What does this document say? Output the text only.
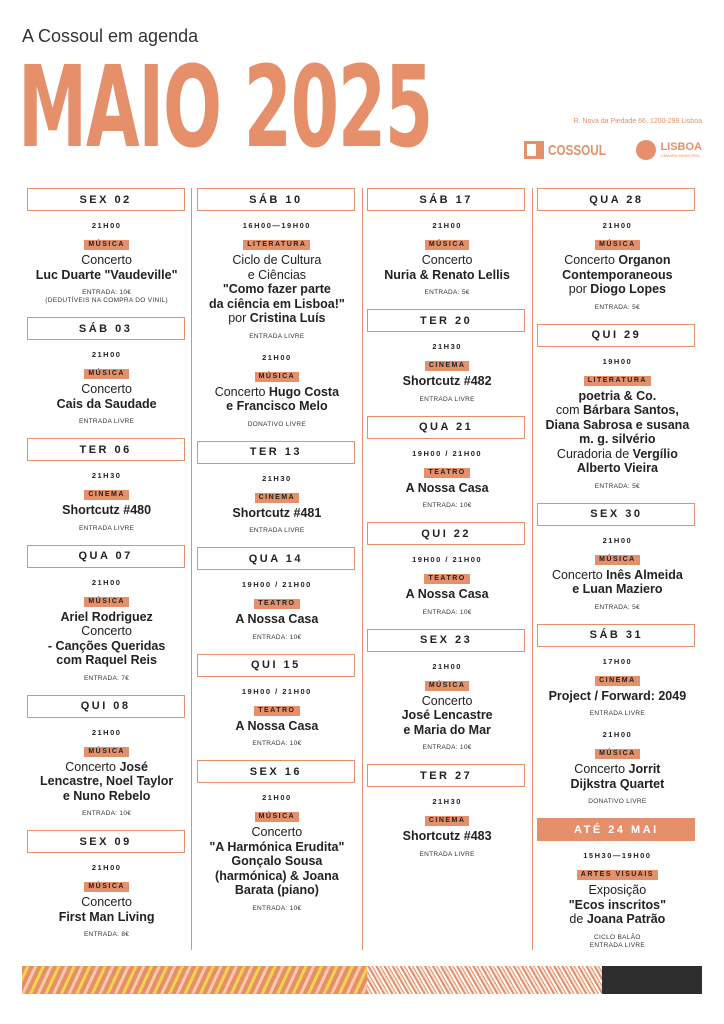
A Cossoul em agenda
MAIO 2025	R. Nova da Piedade 66, 1200-299 Lisboa
COSSOUL	LISBOA
CÂMARA MUNICIPAL
SEX 02
21H00
MÚSICA
Concerto
Luc Duarte "Vaudeville"
ENTRADA: 10€
(DEDUTÍVEIS NA COMPRA DO VINIL)
SÁB 03
21H00
MÚSICA
Concerto
Cais da Saudade
ENTRADA LIVRE
TER 06
21H30
CINEMA
Shortcutz #480
ENTRADA LIVRE
QUA 07
21H00
MÚSICA
Ariel Rodriguez
Concerto
- Canções Queridas
com Raquel Reis
ENTRADA: 7€
QUI 08
21H00
MÚSICA
Concerto José
Lencastre, Noel Taylor
e Nuno Rebelo
ENTRADA: 10€
SEX 09
21H00
MÚSICA
Concerto
First Man Living
ENTRADA: 8€
SÁB 10
16H00—19H00
LITERATURA
Ciclo de Cultura
e Ciências
"Como fazer parte
da ciência em Lisboa!"
por Cristina Luís
ENTRADA LIVRE
21H00
MÚSICA
Concerto Hugo Costa
e Francisco Melo
DONATIVO LIVRE
TER 13
21H30
CINEMA
Shortcutz #481
ENTRADA LIVRE
QUA 14
19H00 / 21H00
TEATRO
A Nossa Casa
ENTRADA: 10€
QUI 15
19H00 / 21H00
TEATRO
A Nossa Casa
ENTRADA: 10€
SEX 16
21H00
MÚSICA
Concerto
"A Harmónica Erudita"
Gonçalo Sousa
(harmónica) & Joana
Barata (piano)
ENTRADA: 10€
SÁB 17
21H00
MÚSICA
Concerto
Nuria & Renato Lellis
ENTRADA: 5€
TER 20
21H30
CINEMA
Shortcutz #482
ENTRADA LIVRE
QUA 21
19H00 / 21H00
TEATRO
A Nossa Casa
ENTRADA: 10€
QUI 22
19H00 / 21H00
TEATRO
A Nossa Casa
ENTRADA: 10€
SEX 23
21H00
MÚSICA
Concerto
José Lencastre
e Maria do Mar
ENTRADA: 10€
TER 27
21H30
CINEMA
Shortcutz #483
ENTRADA LIVRE
QUA 28
21H00
MÚSICA
Concerto Organon
Contemporaneous
por Diogo Lopes
ENTRADA: 5€
QUI 29
19H00
LITERATURA
poetria & Co.
com Bárbara Santos,
Diana Sabrosa e susana
m. g. silvério
Curadoria de Vergílio
Alberto Vieira
ENTRADA: 5€
SEX 30
21H00
MÚSICA
Concerto Inês Almeida
e Luan Maziero
ENTRADA: 5€
SÁB 31
17H00
CINEMA
Project / Forward: 2049
ENTRADA LIVRE
21H00
MÚSICA
Concerto Jorrit
Dijkstra Quartet
DONATIVO LIVRE
ATÉ 24 MAI
15H30—19H00
ARTES VISUAIS
Exposição
"Ecos inscritos"
de Joana Patrão
CICLO BALÃO
ENTRADA LIVRE
